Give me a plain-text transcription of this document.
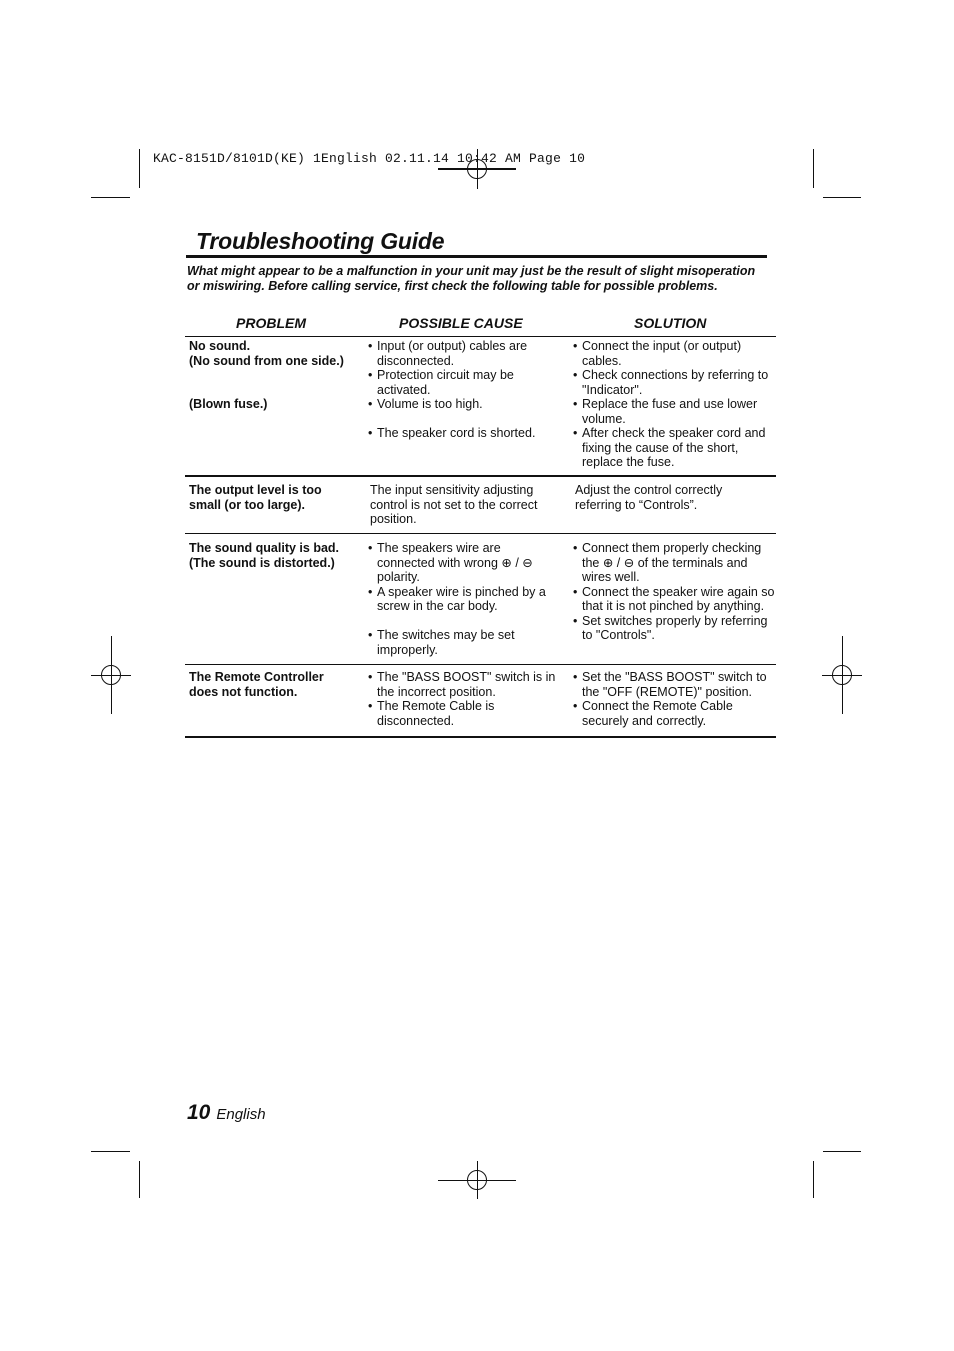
KAC-8151D/8101D(KE) 1English 02.11.14 10:42 AM Page 10
Troubleshooting Guide
What might appear to be a malfunction in your unit may just be the result of slight misoperation or miswiring. Before calling service, first check the following table for possible problems.
PROBLEM	POSSIBLE CAUSE	SOLUTION

No sound.

(No sound from one side.)

(Blown fuse.)

• Input (or output) cables are disconnected.
• Protection circuit may be activated.
• Volume is too high.
• The speaker cord is shorted.
• Connect the input (or output) cables.
• Check connections by referring to "Indicator".
• Replace the fuse and use lower volume.
• After check the speaker cord and fixing the cause of the short, replace the fuse.

The output level is too small (or too large).

The input sensitivity adjusting control is not set to the correct position.

Adjust the control correctly referring to “Controls”.

The sound quality is bad.

(The sound is distorted.)

• The speakers wire are connected with wrong ⊕ / ⊖ polarity.
• A speaker wire is pinched by a screw in the car body.
• The switches may be set improperly.
• Connect them properly checking the ⊕ / ⊖ of the terminals and wires well.
• Connect the speaker wire again so that it is not pinched by anything.
• Set switches properly by referring to "Controls".

The Remote Controller does not function.

• The "BASS BOOST" switch is in the incorrect position.
• The Remote Cable is disconnected.
• Set the "BASS BOOST" switch to the "OFF (REMOTE)" position.
• Connect the Remote Cable securely and correctly.
10 English
